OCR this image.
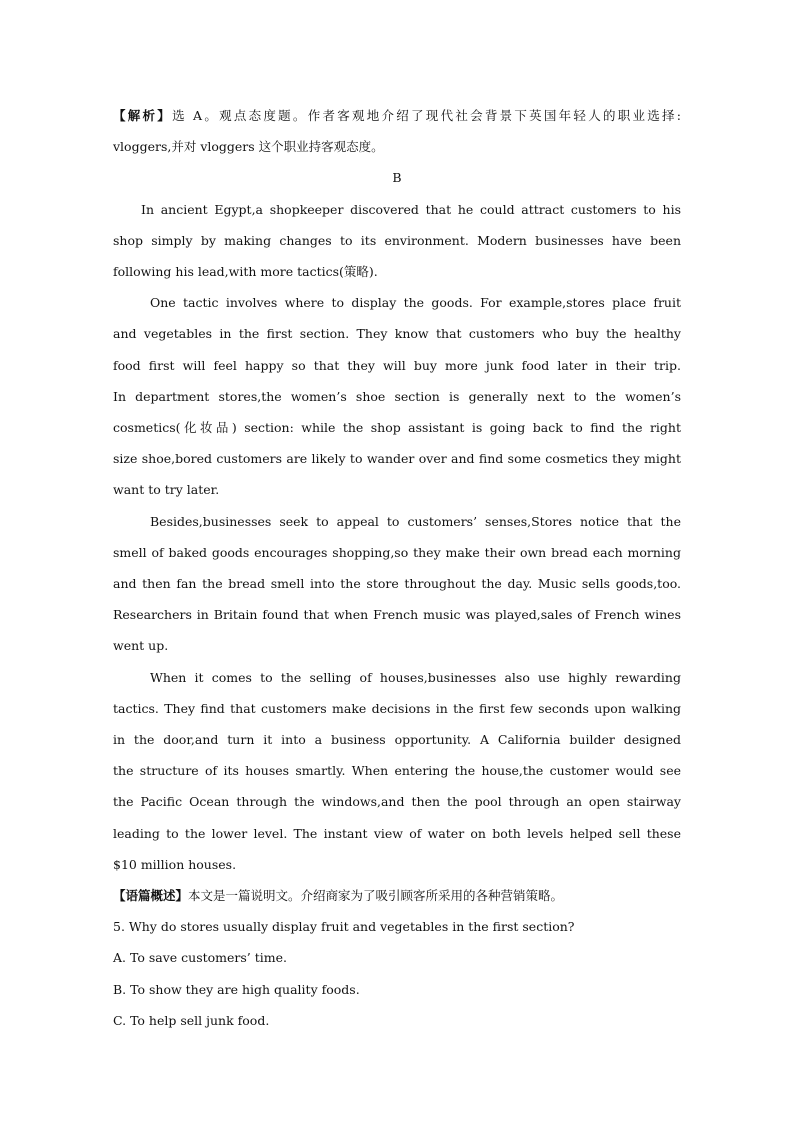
【解析】选 A。观点态度题。作者客观地介绍了现代社会背景下英国年轻人的职业选择:

vloggers,并对 vloggers 这个职业持客观态度。

B

In ancient Egypt,a shopkeeper discovered that he could attract customers to his

shop simply by making changes to its environment. Modern businesses have been

following his lead,with more tactics(策略).

One tactic involves where to display the goods. For example,stores place fruit

and vegetables in the first section. They know that customers who buy the healthy

food first will feel happy so that they will buy more junk food later in their trip.

In department stores,the women’s shoe section is generally next to the women’s

cosmetics(化妆品) section: while the shop assistant is going back to find the right

size shoe,bored customers are likely to wander over and find some cosmetics they might

want to try later.

Besides,businesses seek to appeal to customers’ senses,Stores notice that the

smell of baked goods encourages shopping,so they make their own bread each morning

and then fan the bread smell into the store throughout the day. Music sells goods,too.

Researchers in Britain found that when French music was played,sales of French wines

went up.

When it comes to the selling of houses,businesses also use highly rewarding

tactics. They find that customers make decisions in the first few seconds upon walking

in the door,and turn it into a business opportunity. A California builder designed

the structure of its houses smartly. When entering the house,the customer would see

the Pacific Ocean through the windows,and then the pool through an open stairway

leading to the lower level. The instant view of water on both levels helped sell these

$10 million houses.

【语篇概述】本文是一篇说明文。介绍商家为了吸引顾客所采用的各种营销策略。

5. Why do stores usually display fruit and vegetables in the first section?

A. To save customers’ time.

B. To show they are high quality foods.

C. To help sell junk food.
